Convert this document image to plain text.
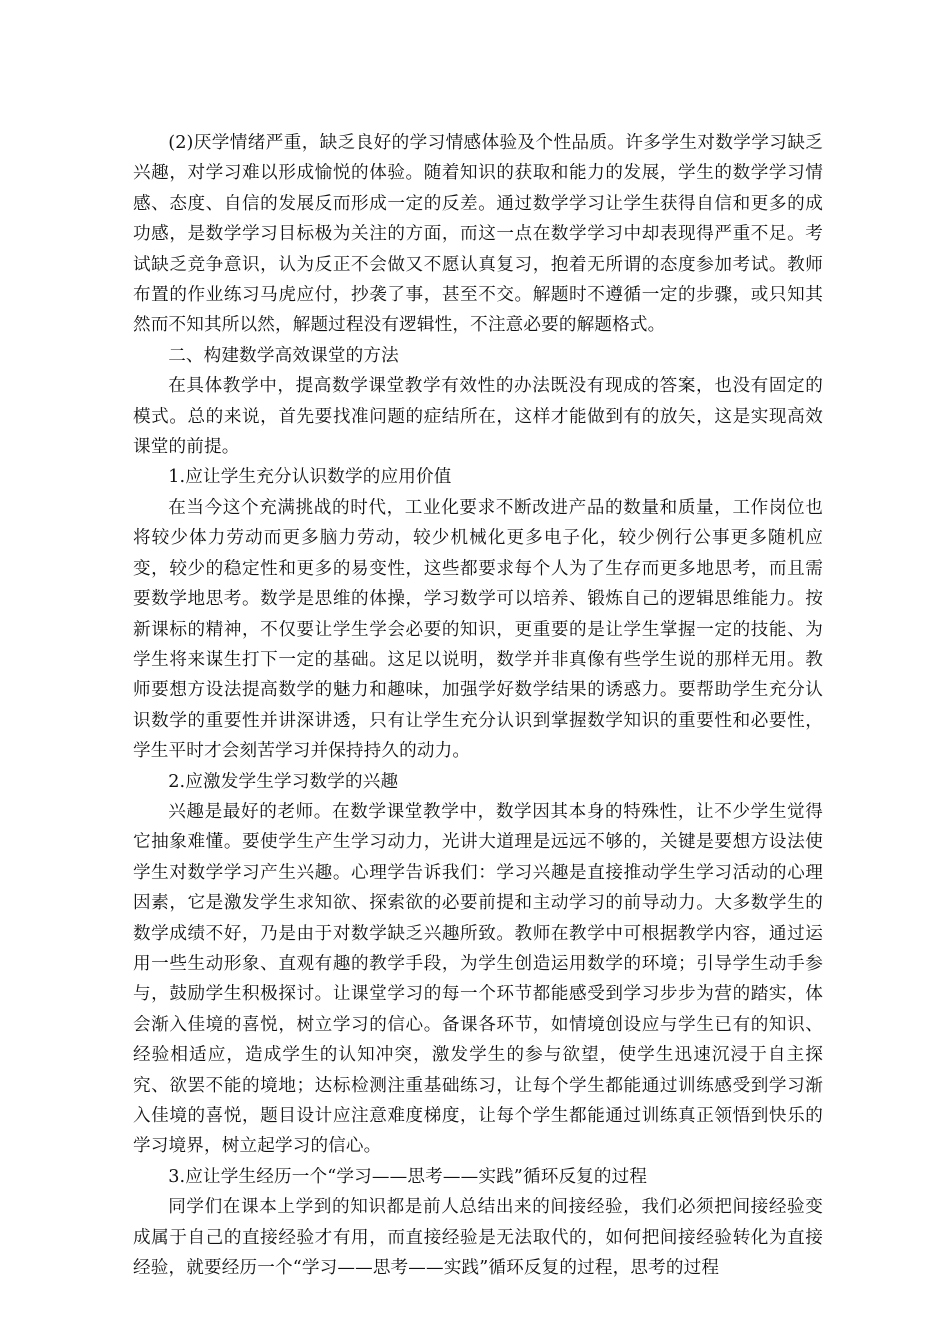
(2)厌学情绪严重，缺乏良好的学习情感体验及个性品质。许多学生对数学学习缺乏兴趣，对学习难以形成愉悦的体验。随着知识的获取和能力的发展，学生的数学学习情感、态度、自信的发展反而形成一定的反差。通过数学学习让学生获得自信和更多的成功感，是数学学习目标极为关注的方面，而这一点在数学学习中却表现得严重不足。考试缺乏竞争意识，认为反正不会做又不愿认真复习，抱着无所谓的态度参加考试。教师布置的作业练习马虎应付，抄袭了事，甚至不交。解题时不遵循一定的步骤，或只知其然而不知其所以然，解题过程没有逻辑性，不注意必要的解题格式。

二、构建数学高效课堂的方法

在具体教学中，提高数学课堂教学有效性的办法既没有现成的答案，也没有固定的模式。总的来说，首先要找准问题的症结所在，这样才能做到有的放矢，这是实现高效课堂的前提。

1.应让学生充分认识数学的应用价值

在当今这个充满挑战的时代，工业化要求不断改进产品的数量和质量，工作岗位也将较少体力劳动而更多脑力劳动，较少机械化更多电子化，较少例行公事更多随机应变，较少的稳定性和更多的易变性，这些都要求每个人为了生存而更多地思考，而且需要数学地思考。数学是思维的体操，学习数学可以培养、锻炼自己的逻辑思维能力。按新课标的精神，不仅要让学生学会必要的知识，更重要的是让学生掌握一定的技能、为学生将来谋生打下一定的基础。这足以说明，数学并非真像有些学生说的那样无用。教师要想方设法提高数学的魅力和趣味，加强学好数学结果的诱惑力。要帮助学生充分认识数学的重要性并讲深讲透，只有让学生充分认识到掌握数学知识的重要性和必要性，学生平时才会刻苦学习并保持持久的动力。

2.应激发学生学习数学的兴趣

兴趣是最好的老师。在数学课堂教学中，数学因其本身的特殊性，让不少学生觉得它抽象难懂。要使学生产生学习动力，光讲大道理是远远不够的，关键是要想方设法使学生对数学学习产生兴趣。心理学告诉我们：学习兴趣是直接推动学生学习活动的心理因素，它是激发学生求知欲、探索欲的必要前提和主动学习的前导动力。大多数学生的数学成绩不好，乃是由于对数学缺乏兴趣所致。教师在教学中可根据教学内容，通过运用一些生动形象、直观有趣的教学手段，为学生创造运用数学的环境；引导学生动手参与，鼓励学生积极探讨。让课堂学习的每一个环节都能感受到学习步步为营的踏实，体会渐入佳境的喜悦，树立学习的信心。备课各环节，如情境创设应与学生已有的知识、经验相适应，造成学生的认知冲突，激发学生的参与欲望，使学生迅速沉浸于自主探究、欲罢不能的境地；达标检测注重基础练习，让每个学生都能通过训练感受到学习渐入佳境的喜悦，题目设计应注意难度梯度，让每个学生都能通过训练真正领悟到快乐的学习境界，树立起学习的信心。

3.应让学生经历一个“学习——思考——实践”循环反复的过程

同学们在课本上学到的知识都是前人总结出来的间接经验，我们必须把间接经验变成属于自己的直接经验才有用，而直接经验是无法取代的，如何把间接经验转化为直接经验，就要经历一个“学习——思考——实践”循环反复的过程，思考的过程
